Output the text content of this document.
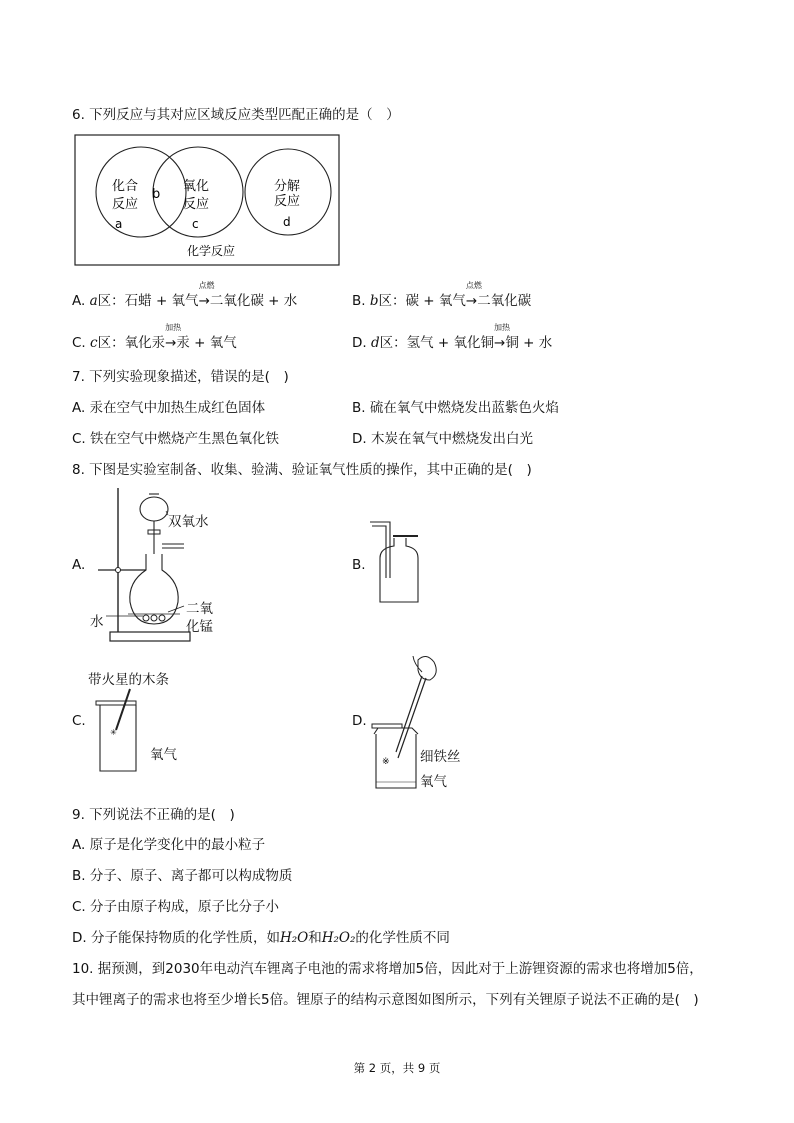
6. 下列反应与其对应区域反应类型匹配正确的是（　）
化合
反应
a
b
氧化
反应
c
分解
反应
d
化学反应
A. a区：石蜡 + 氧气
点燃
→二氧化碳 + 水	B. b区：碳 + 氧气
点燃
→二氧化碳
C. c区：氧化汞
加热
→汞 + 氧气	D. d区：氢气 + 氧化铜
加热
→铜 + 水
7. 下列实验现象描述，错误的是(　)
A. 汞在空气中加热生成红色固体	B. 硫在氧气中燃烧发出蓝紫色火焰
C. 铁在空气中燃烧产生黑色氧化铁	D. 木炭在氧气中燃烧发出白光
8. 下图是实验室制备、收集、验满、验证氧气性质的操作，其中正确的是(　)
A.
双氧水
水
二氧
化锰
B.
带火星的木条
C.
✳
氧气
D.
※ 细铁丝
氧气
9. 下列说法不正确的是(　)
A. 原子是化学变化中的最小粒子
B. 分子、原子、离子都可以构成物质
C. 分子由原子构成，原子比分子小
D. 分子能保持物质的化学性质，如H₂O和H₂O₂的化学性质不同
10. 据预测，到2030年电动汽车锂离子电池的需求将增加5倍，因此对于上游锂资源的需求也将增加5倍，
其中锂离子的需求也将至少增长5倍。锂原子的结构示意图如图所示，下列有关锂原子说法不正确的是(　)
第 2 页，共 9 页
